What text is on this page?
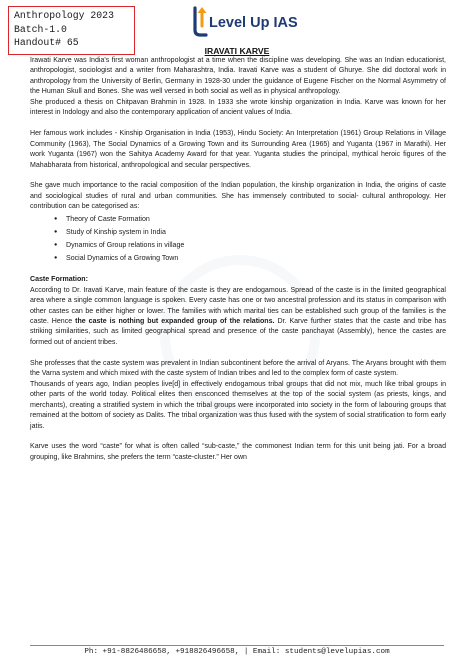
Anthropology 2023
Batch-1.0
Handout# 65
Level Up IAS
IRAVATI KARVE

Irawati Karve was India's first woman anthropologist at a time when the discipline was developing. She was an Indian educationist, anthropologist, sociologist and a writer from Maharashtra, India. Iravati Karve was a student of Ghurye. She did doctoral work in anthropology from the University of Berlin, Germany in 1928-30 under the guidance of Eugene Fischer on the Normal Asymmetry of the Human Skull and Bones. She was well versed in both social as well as in physical anthropology.

She produced a thesis on Chitpavan Brahmin in 1928. In 1933 she wrote kinship organization in India. Karve was known for her interest in Indology and also the contemporary application of ancient values of India.

Her famous work includes - Kinship Organisation in India (1953), Hindu Society: An Interpretation (1961) Group Relations in Village Community (1963), The Social Dynamics of a Growing Town and its Surrounding Area (1965) and Yuganta (1967 in Marathi). Her work Yuganta (1967) won the Sahitya Academy Award for that year. Yuganta studies the principal, mythical heroic figures of the Mahabharata from historical, anthropological and secular perspectives.

She gave much importance to the racial composition of the Indian population, the kinship organization in India, the origins of caste and sociological studies of rural and urban communities. She has immensely contributed to social- cultural anthropology. Her contribution can be categorised as:

● Theory of Caste Formation
● Study of Kinship system in India
● Dynamics of Group relations in village
● Social Dynamics of a Growing Town

Caste Formation:

According to Dr. Iravati Karve, main feature of the caste is they are endogamous. Spread of the caste is in the limited geographical area where a single common language is spoken. Every caste has one or two ancestral profession and its status in comparison with other castes can be either higher or lower. The families with which marital ties can be established such group of the families is the caste. Hence the caste is nothing but expanded group of the relations. Dr. Karve further states that the caste and tribe has striking similarities, such as limited geographical spread and presence of the caste panchayat (Assembly), hence the castes are formed out of ancient tribes.

She professes that the caste system was prevalent in Indian subcontinent before the arrival of Aryans. The Aryans brought with them the Varna system and which mixed with the caste system of Indian tribes and led to the complex form of caste system.

Thousands of years ago, Indian peoples live[d] in effectively endogamous tribal groups that did not mix, much like tribal groups in other parts of the world today. Political elites then ensconced themselves at the top of the social system (as priests, kings, and merchants), creating a stratified system in which the tribal groups were incorporated into society in the form of labouring groups that remained at the bottom of society as Dalits. The tribal organization was thus fused with the system of social stratification to form early jatis.

Karve uses the word “caste” for what is often called “sub-caste,” the commonest Indian term for this unit being jati. For a broad grouping, like Brahmins, she prefers the term “caste-cluster.” Her own

Ph: +91-8826486658, +918826496658, | Email: students@levelupias.com
